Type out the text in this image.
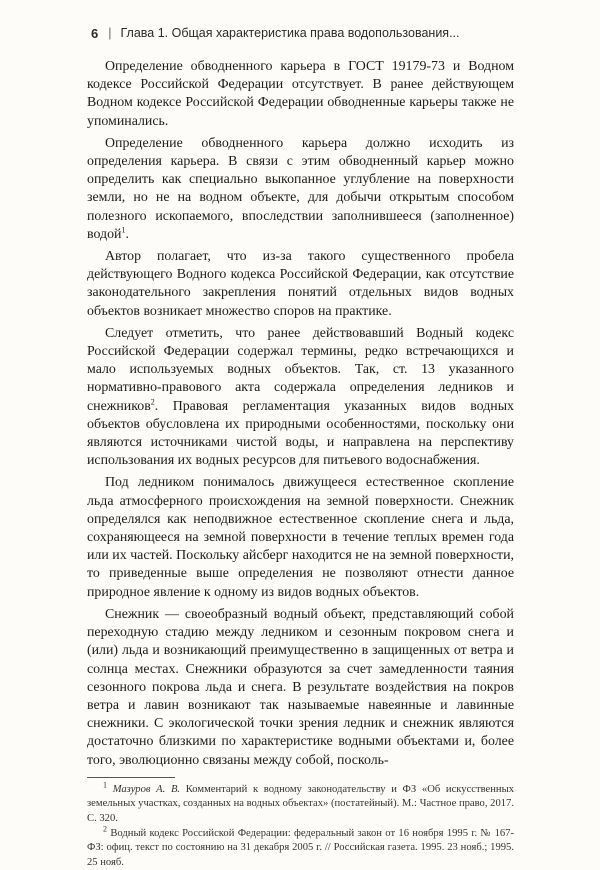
6 | Глава 1. Общая характеристика права водопользования...

Определение обводненного карьера в ГОСТ 19179-73 и Водном кодексе Российской Федерации отсутствует. В ранее действующем Водном кодексе Российской Федерации обводненные карьеры также не упоминались.

Определение обводненного карьера должно исходить из определения карьера. В связи с этим обводненный карьер можно определить как специально выкопанное углубление на поверхности земли, но не на водном объекте, для добычи открытым способом полезного ископаемого, впоследствии заполнившееся (заполненное) водой$^1$.

Автор полагает, что из-за такого существенного пробела действующего Водного кодекса Российской Федерации, как отсутствие законодательного закрепления понятий отдельных видов водных объектов возникает множество споров на практике.

Следует отметить, что ранее действовавший Водный кодекс Российской Федерации содержал термины, редко встречающихся и мало используемых водных объектов. Так, ст. 13 указанного нормативно-правового акта содержала определения ледников и снежников$^2$. Правовая регламентация указанных видов водных объектов обусловлена их природными особенностями, поскольку они являются источниками чистой воды, и направлена на перспективу использования их водных ресурсов для питьевого водоснабжения.

Под ледником понималось движущееся естественное скопление льда атмосферного происхождения на земной поверхности. Снежник определялся как неподвижное естественное скопление снега и льда, сохраняющееся на земной поверхности в течение теплых времен года или их частей. Поскольку айсберг находится не на земной поверхности, то приведенные выше определения не позволяют отнести данное природное явление к одному из видов водных объектов.

Снежник — своеобразный водный объект, представляющий собой переходную стадию между ледником и сезонным покровом снега и (или) льда и возникающий преимущественно в защищенных от ветра и солнца местах. Снежники образуются за счет замедленности таяния сезонного покрова льда и снега. В результате воздействия на покров ветра и лавин возникают так называемые навеянные и лавинные снежники. С экологической точки зрения ледник и снежник являются достаточно близкими по характеристике водными объектами и, более того, эволюционно связаны между собой, посколь-

$^1$ Мазуров А. В. Комментарий к водному законодательству и ФЗ «Об искусственных земельных участках, созданных на водных объектах» (постатейный). М.: Частное право, 2017. С. 320.

$^2$ Водный кодекс Российской Федерации: федеральный закон от 16 ноября 1995 г. № 167-ФЗ: офиц. текст по состоянию на 31 декабря 2005 г. // Российская газета. 1995. 23 нояб.; 1995. 25 нояб.
